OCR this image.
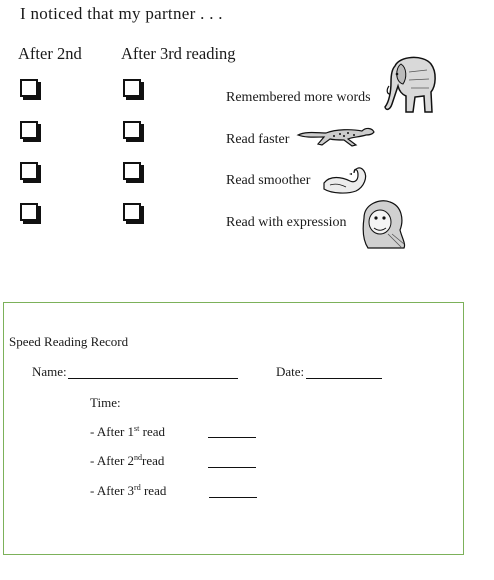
I noticed that my partner . . .
After 2nd After 3rd reading
Remembered more words
Read faster
Read smoother
Read with expression
Speed Reading Record
Name:	Date:
Time:
- After 1st read
- After 2ndread
- After 3rd read
